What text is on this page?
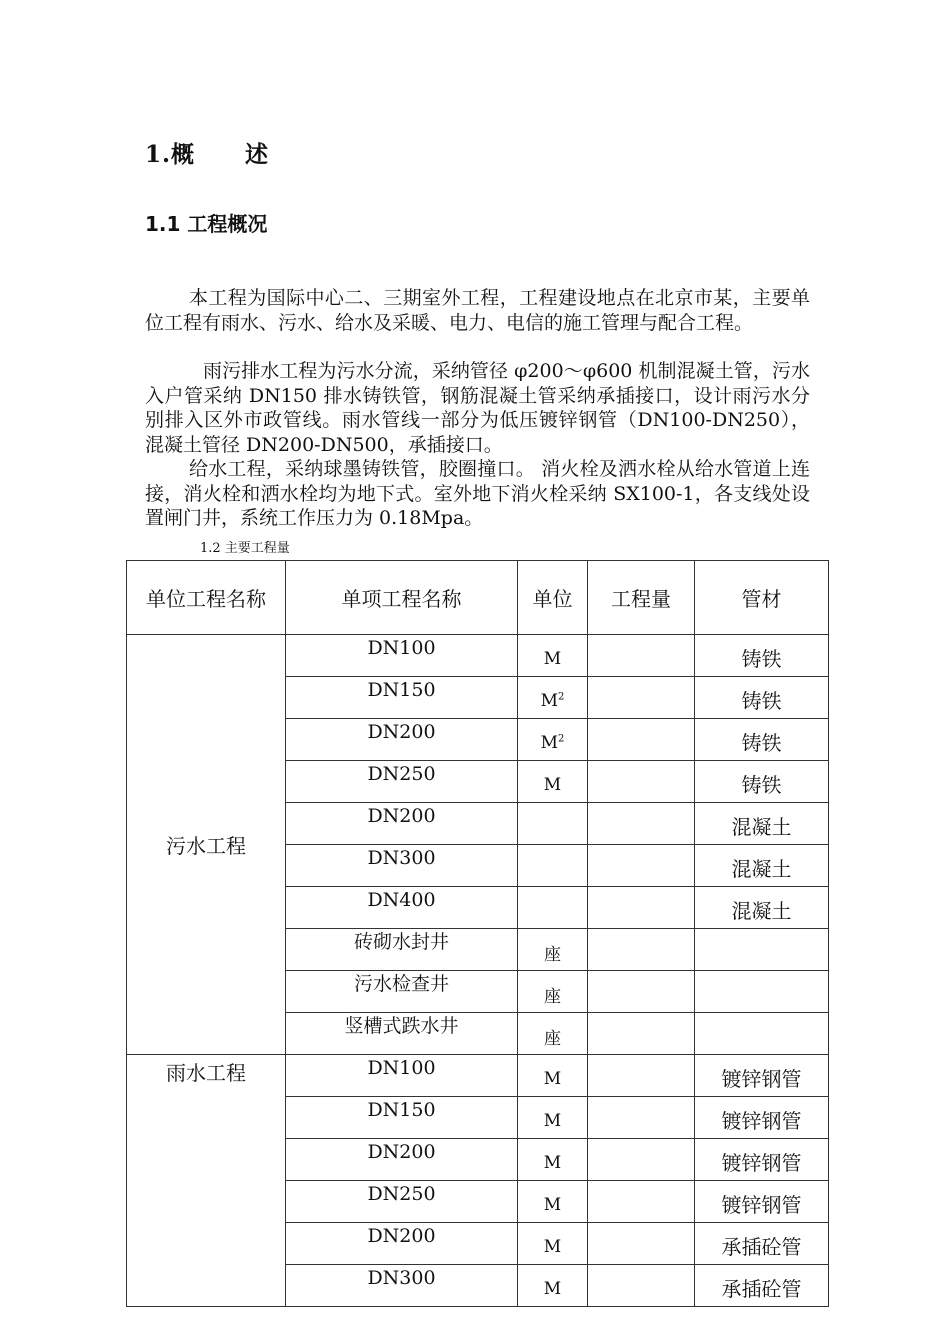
1.概 述
1.1 工程概况

本工程为国际中心二、三期室外工程，工程建设地点在北京市某，主要单位工程有雨水、污水、给水及采暖、电力、电信的施工管理与配合工程。

雨污排水工程为污水分流，采纳管径 φ200～φ600 机制混凝土管，污水入户管采纳 DN150 排水铸铁管，钢筋混凝土管采纳承插接口，设计雨污水分别排入区外市政管线。雨水管线一部分为低压镀锌钢管（DN100-DN250），混凝土管径 DN200-DN500，承插接口。

给水工程，采纳球墨铸铁管，胶圈撞口。 消火栓及洒水栓从给水管道上连接，消火栓和洒水栓均为地下式。室外地下消火栓采纳 SX100-1，各支线处设置闸门井，系统工作压力为 0.18Mpa。

1.2 主要工程量
单位工程名称	单项工程名称	单位	工程量	管材
污水工程	DN100	M		铸铁
	DN150	$M^2$		铸铁
	DN200	$M^2$		铸铁
	DN250	M		铸铁
	DN200			混凝土
	DN300			混凝土
	DN400			混凝土
	砖砌水封井	座		
	污水检查井	座		
	竖槽式跌水井	座		
雨水工程	DN100	M		镀锌钢管
	DN150	M		镀锌钢管
	DN200	M		镀锌钢管
	DN250	M		镀锌钢管
	DN200	M		承插砼管
	DN300	M		承插砼管
